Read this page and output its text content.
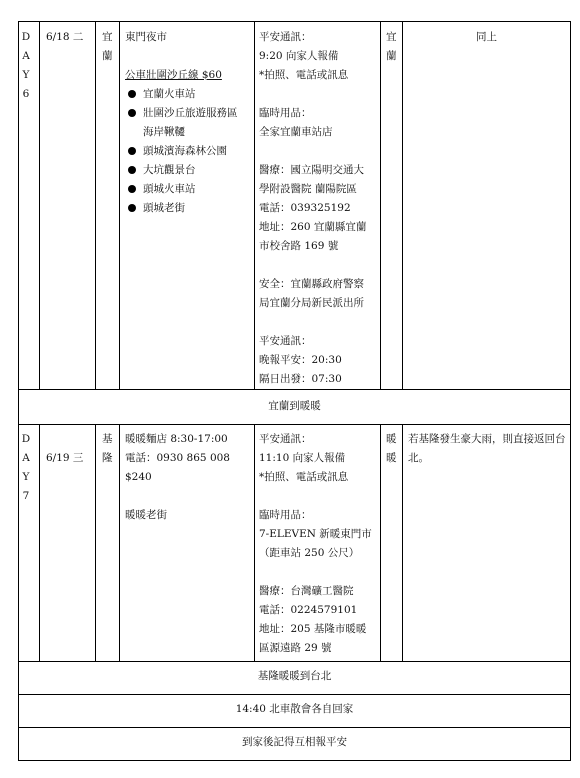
D
A
Y
6
6/18 二 宜
蘭
東門夜市
公車壯圍沙丘線 $60
宜蘭火車站
壯圍沙丘旅遊服務區
海岸鞦韆
頭城濱海森林公園
大坑觀景台
頭城火車站
頭城老街
平安通訊：
9:20 向家人報備
*拍照、電話或訊息
臨時用品：
全家宜蘭車站店
醫療：國立陽明交通大
學附設醫院 蘭陽院區
電話：039325192
地址：260 宜蘭縣宜蘭
市校舍路 169 號
安全：宜蘭縣政府警察
局宜蘭分局新民派出所
平安通訊：
晚報平安：20:30
隔日出發：07:30
宜
蘭
同上
宜蘭到暖暖
D
A
Y
7
6/19 三
基
隆
暖暖麵店 8:30-17:00
電話：0930 865 008
$240
暖暖老街
平安通訊：
11:10 向家人報備
*拍照、電話或訊息
臨時用品：
7-ELEVEN 新暖東門市
（距車站 250 公尺）
醫療：台灣礦工醫院
電話：0224579101
地址：205 基隆市暖暖
區源遠路 29 號
暖
暖
若基隆發生豪大雨，則直接返回台北。
基隆暖暖到台北
14:40 北車散會各自回家
到家後記得互相報平安
